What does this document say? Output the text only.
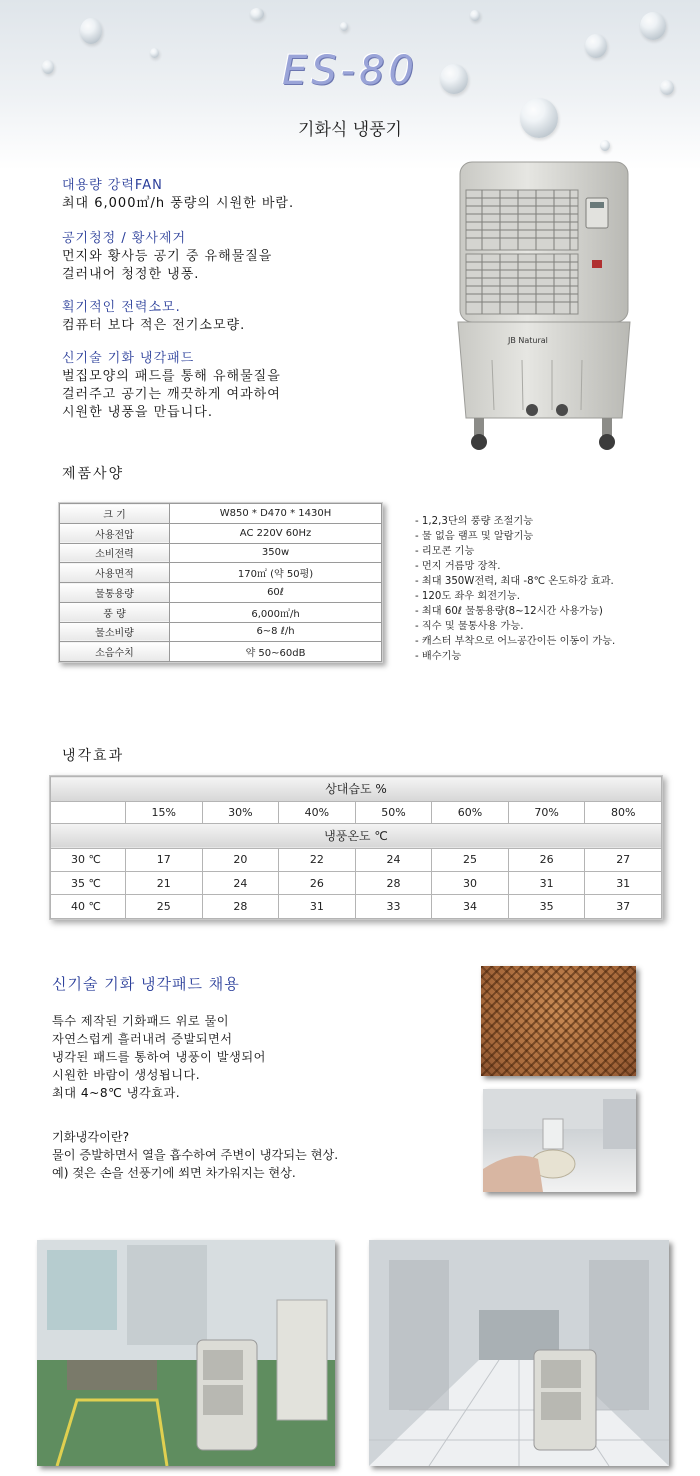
ES-80
기화식 냉풍기
대용량 강력FAN
최대 6,000㎥/h 풍량의 시원한 바람.
공기청정 / 황사제거
먼지와 황사등 공기 중 유해물질을
걸러내어 청정한 냉풍.
획기적인 전력소모.
컴퓨터 보다 적은 전기소모량.
신기술 기화 냉각패드
벌집모양의 패드를 통해 유해물질을
걸러주고 공기는 깨끗하게 여과하여
시원한 냉풍을 만듭니다.
JB Natural
제품사양
크 기	W850 * D470 * 1430H
사용전압	AC 220V 60Hz
소비전력	350w
사용면적	170㎡ (약 50평)
물통용량	60ℓ
풍 량	6,000㎥/h
물소비량	6~8 ℓ/h
소음수치	약 50~60dB
- 1,2,3단의 풍량 조절기능
- 물 없음 램프 및 알람기능
- 리모콘 기능
- 먼지 거름망 장착.
- 최대 350W전력, 최대 -8℃ 온도하강 효과.
- 120도 좌우 회전기능.
- 최대 60ℓ 물통용량(8~12시간 사용가능)
- 직수 및 물통사용 가능.
- 캐스터 부착으로 어느공간이든 이동이 가능.
- 배수기능
냉각효과
상대습도 %							
	15%	30%	40%	50%	60%	70%	80%
냉풍온도 ℃							
30 ℃	17	20	22	24	25	26	27
35 ℃	21	24	26	28	30	31	31
40 ℃	25	28	31	33	34	35	37
신기술 기화 냉각패드 채용

특수 제작된 기화패드 위로 물이

자연스럽게 흘러내려 증발되면서

냉각된 패드를 통하여 냉풍이 발생되어

시원한 바람이 생성됩니다.

최대 4~8℃ 냉각효과.

기화냉각이란?

물이 증발하면서 열을 흡수하여 주변이 냉각되는 현상.

예) 젖은 손을 선풍기에 쐬면 차가워지는 현상.
